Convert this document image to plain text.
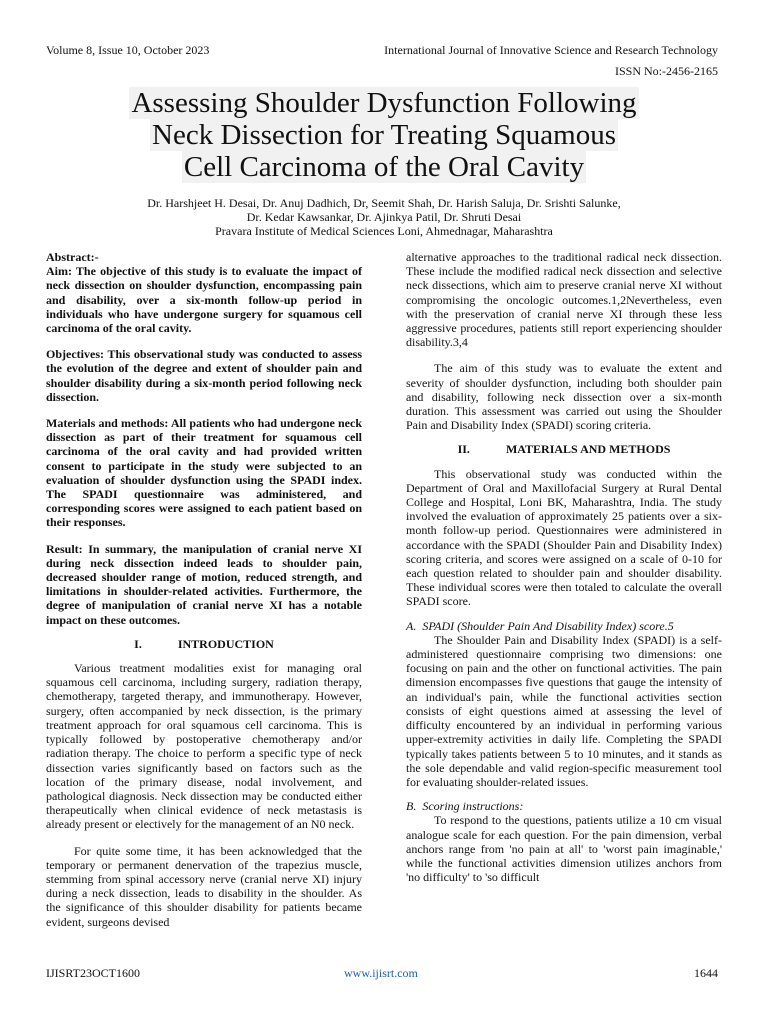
Volume 8, Issue 10, October 2023	International Journal of Innovative Science and Research Technology
ISSN No:-2456-2165
Assessing Shoulder Dysfunction Following
Neck Dissection for Treating Squamous
Cell Carcinoma of the Oral Cavity
Dr. Harshjeet H. Desai, Dr. Anuj Dadhich, Dr, Seemit Shah, Dr. Harish Saluja, Dr. Srishti Salunke,
Dr. Kedar Kawsankar, Dr. Ajinkya Patil, Dr. Shruti Desai
Pravara Institute of Medical Sciences Loni, Ahmednagar, Maharashtra

Abstract:-

Aim: The objective of this study is to evaluate the impact of neck dissection on shoulder dysfunction, encompassing pain and disability, over a six-month follow-up period in individuals who have undergone surgery for squamous cell carcinoma of the oral cavity.

Objectives: This observational study was conducted to assess the evolution of the degree and extent of shoulder pain and shoulder disability during a six-month period following neck dissection.

Materials and methods: All patients who had undergone neck dissection as part of their treatment for squamous cell carcinoma of the oral cavity and had provided written consent to participate in the study were subjected to an evaluation of shoulder dysfunction using the SPADI index. The SPADI questionnaire was administered, and corresponding scores were assigned to each patient based on their responses.

Result: In summary, the manipulation of cranial nerve XI during neck dissection indeed leads to shoulder pain, decreased shoulder range of motion, reduced strength, and limitations in shoulder-related activities. Furthermore, the degree of manipulation of cranial nerve XI has a notable impact on these outcomes.

I.	INTRODUCTION

Various treatment modalities exist for managing oral squamous cell carcinoma, including surgery, radiation therapy, chemotherapy, targeted therapy, and immunotherapy. However, surgery, often accompanied by neck dissection, is the primary treatment approach for oral squamous cell carcinoma. This is typically followed by postoperative chemotherapy and/or radiation therapy. The choice to perform a specific type of neck dissection varies significantly based on factors such as the location of the primary disease, nodal involvement, and pathological diagnosis. Neck dissection may be conducted either therapeutically when clinical evidence of neck metastasis is already present or electively for the management of an N0 neck.

For quite some time, it has been acknowledged that the temporary or permanent denervation of the trapezius muscle, stemming from spinal accessory nerve (cranial nerve XI) injury during a neck dissection, leads to disability in the shoulder. As the significance of this shoulder disability for patients became evident, surgeons devised

alternative approaches to the traditional radical neck dissection. These include the modified radical neck dissection and selective neck dissections, which aim to preserve cranial nerve XI without compromising the oncologic outcomes.1,2Nevertheless, even with the preservation of cranial nerve XI through these less aggressive procedures, patients still report experiencing shoulder disability.3,4

The aim of this study was to evaluate the extent and severity of shoulder dysfunction, including both shoulder pain and disability, following neck dissection over a six-month duration. This assessment was carried out using the Shoulder Pain and Disability Index (SPADI) scoring criteria.

II.	MATERIALS AND METHODS

This observational study was conducted within the Department of Oral and Maxillofacial Surgery at Rural Dental College and Hospital, Loni BK, Maharashtra, India. The study involved the evaluation of approximately 25 patients over a six-month follow-up period. Questionnaires were administered in accordance with the SPADI (Shoulder Pain and Disability Index) scoring criteria, and scores were assigned on a scale of 0-10 for each question related to shoulder pain and shoulder disability. These individual scores were then totaled to calculate the overall SPADI score.

A. SPADI (Shoulder Pain And Disability Index) score.5

The Shoulder Pain and Disability Index (SPADI) is a self-administered questionnaire comprising two dimensions: one focusing on pain and the other on functional activities. The pain dimension encompasses five questions that gauge the intensity of an individual's pain, while the functional activities section consists of eight questions aimed at assessing the level of difficulty encountered by an individual in performing various upper-extremity activities in daily life. Completing the SPADI typically takes patients between 5 to 10 minutes, and it stands as the sole dependable and valid region-specific measurement tool for evaluating shoulder-related issues.

B. Scoring instructions:

To respond to the questions, patients utilize a 10 cm visual analogue scale for each question. For the pain dimension, verbal anchors range from 'no pain at all' to 'worst pain imaginable,' while the functional activities dimension utilizes anchors from 'no difficulty' to 'so difficult

IJISRT23OCT1600	www.ijisrt.com	1644
